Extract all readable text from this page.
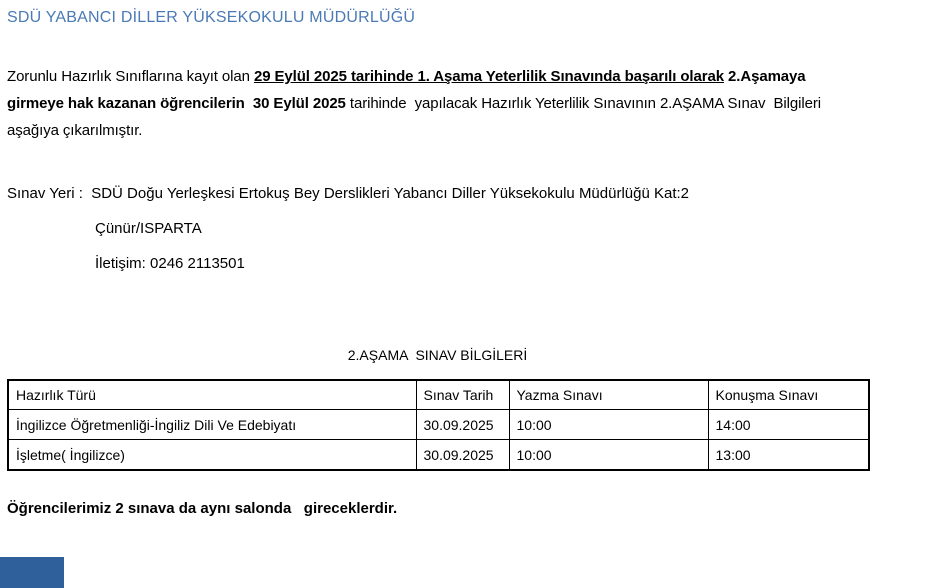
SDÜ YABANCI DİLLER YÜKSEKOKULU MÜDÜRLÜĞÜ
Zorunlu Hazırlık Sınıflarına kayıt olan 29 Eylül 2025 tarihinde 1. Aşama Yeterlilik Sınavında başarılı olarak 2.Aşamaya
girmeye hak kazanan öğrencilerin  30 Eylül 2025 tarihinde  yapılacak Hazırlık Yeterlilik Sınavının 2.AŞAMA Sınav  Bilgileri
aşağıya çıkarılmıştır.
Sınav Yeri :  SDÜ Doğu Yerleşkesi Ertokuş Bey Derslikleri Yabancı Diller Yüksekokulu Müdürlüğü Kat:2
Çünür/ISPARTA
İletişim: 0246 2113501
2.AŞAMA  SINAV BİLGİLERİ
Hazırlık Türü	Sınav Tarih	Yazma Sınavı	Konuşma Sınavı
İngilizce Öğretmenliği-İngiliz Dili Ve Edebiyatı	30.09.2025	10:00	14:00
İşletme( İngilizce)	30.09.2025	10:00	13:00
Öğrencilerimiz 2 sınava da aynı salonda   gireceklerdir.
